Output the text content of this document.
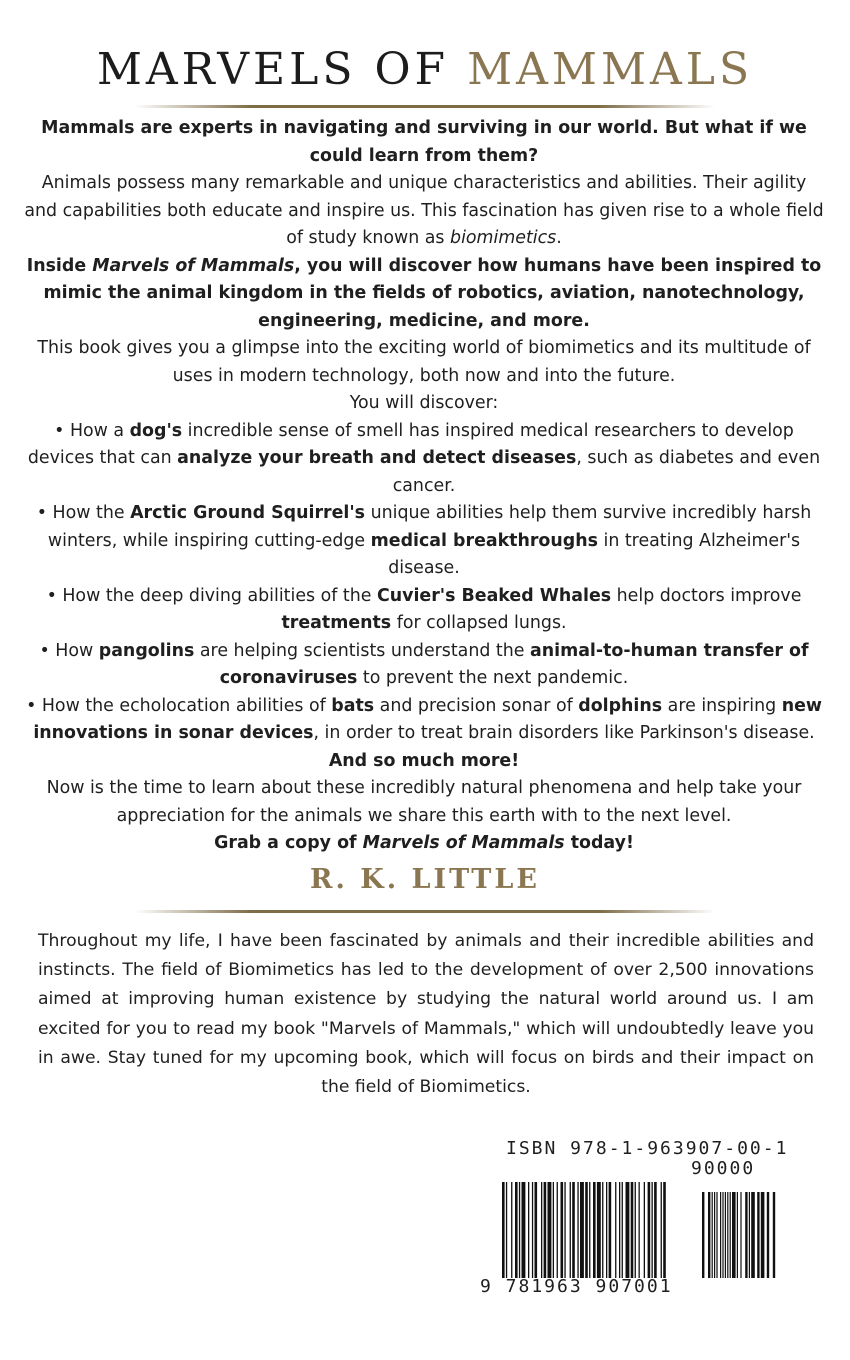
MARVELS OF MAMMALS

Mammals are experts in navigating and surviving in our world. But what if we could learn from them?

Animals possess many remarkable and unique characteristics and abilities. Their agility and capabilities both educate and inspire us. This fascination has given rise to a whole field of study known as biomimetics.

Inside Marvels of Mammals, you will discover how humans have been inspired to mimic the animal kingdom in the fields of robotics, aviation, nanotechnology, engineering, medicine, and more.

This book gives you a glimpse into the exciting world of biomimetics and its multitude of uses in modern technology, both now and into the future.

You will discover:

• How a dog's incredible sense of smell has inspired medical researchers to develop devices that can analyze your breath and detect diseases, such as diabetes and even cancer.
• How the Arctic Ground Squirrel's unique abilities help them survive incredibly harsh winters, while inspiring cutting-edge medical breakthroughs in treating Alzheimer's disease.
• How the deep diving abilities of the Cuvier's Beaked Whales help doctors improve treatments for collapsed lungs.
• How pangolins are helping scientists understand the animal-to-human transfer of coronaviruses to prevent the next pandemic.
• How the echolocation abilities of bats and precision sonar of dolphins are inspiring new innovations in sonar devices, in order to treat brain disorders like Parkinson's disease.

And so much more!

Now is the time to learn about these incredibly natural phenomena and help take your appreciation for the animals we share this earth with to the next level.

Grab a copy of Marvels of Mammals today!

R. K. LITTLE

Throughout my life, I have been fascinated by animals and their incredible abilities and instincts. The field of Biomimetics has led to the development of over 2,500 innovations aimed at improving human existence by studying the natural world around us. I am excited for you to read my book "Marvels of Mammals," which will undoubtedly leave you in awe. Stay tuned for my upcoming book, which will focus on birds and their impact on the field of Biomimetics.

ISBN 978-1-963907-00-1
90000
9 781963 907001
